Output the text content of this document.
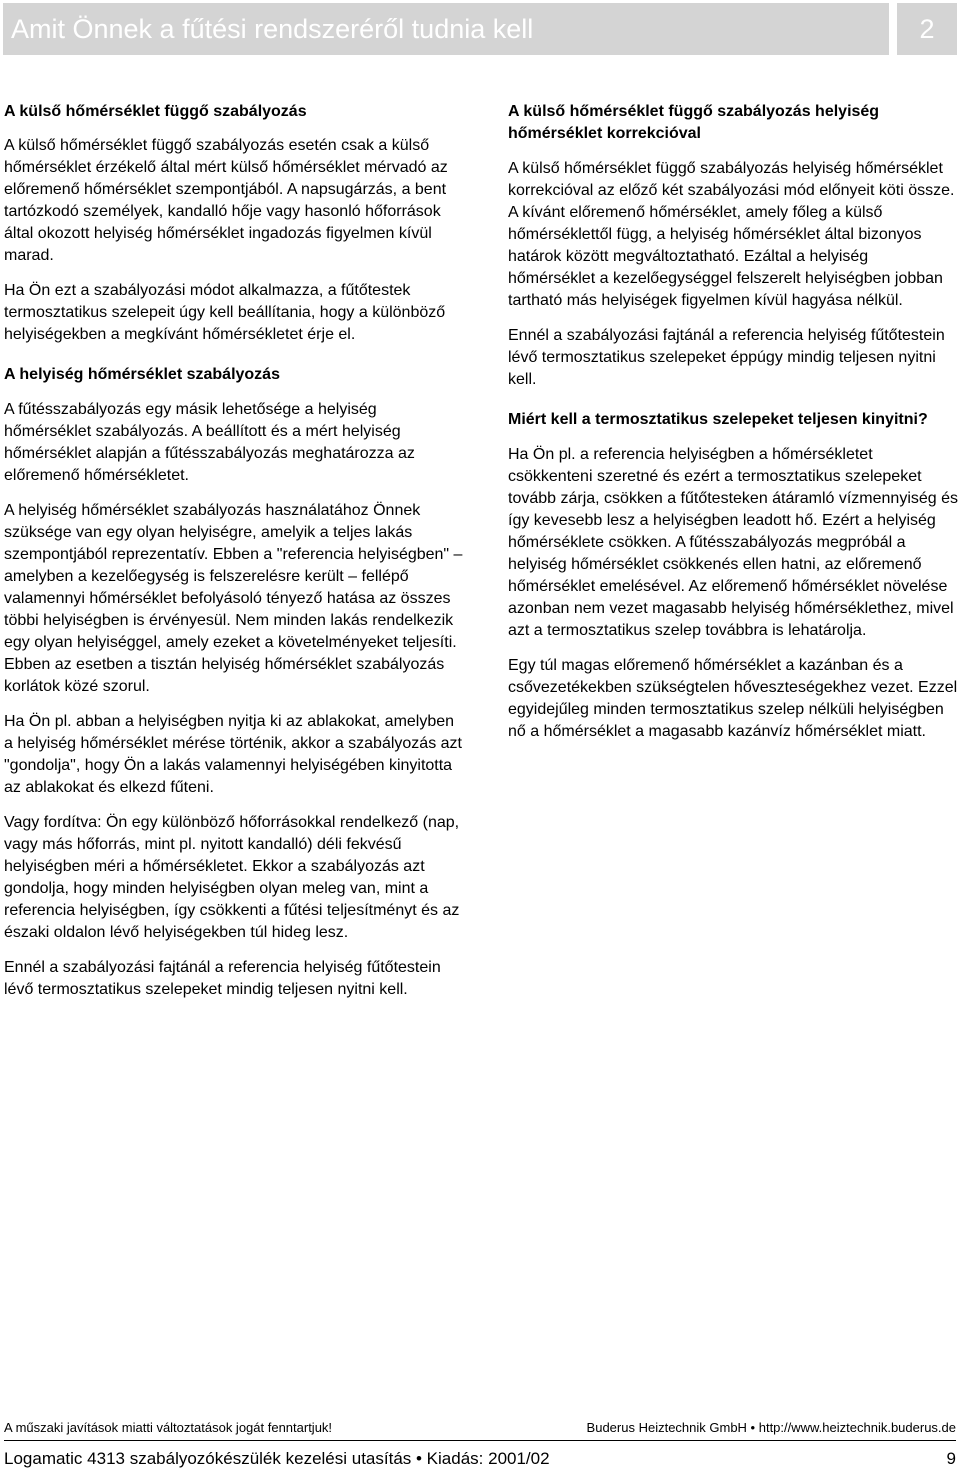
Amit Önnek a fűtési rendszeréről tudnia kell	2
A külső hőmérséklet függő szabályozás

A külső hőmérséklet függő szabályozás esetén csak a külső hőmérséklet érzékelő által mért külső hőmérséklet mérvadó az előremenő hőmérséklet szempontjából. A napsugárzás, a bent tartózkodó személyek, kandalló hője vagy hasonló hőforrások által okozott helyiség hőmérséklet ingadozás figyelmen kívül marad.

Ha Ön ezt a szabályozási módot alkalmazza, a fűtőtestek termosztatikus szelepeit úgy kell beállítania, hogy a különböző helyiségekben a megkívánt hőmérsékletet érje el.

A helyiség hőmérséklet szabályozás

A fűtésszabályozás egy másik lehetősége a helyiség hőmérséklet szabályozás. A beállított és a mért helyiség hőmérséklet alapján a fűtésszabályozás meghatározza az előremenő hőmérsékletet.

A helyiség hőmérséklet szabályozás használatához Önnek szüksége van egy olyan helyiségre, amelyik a teljes lakás szempontjából reprezentatív. Ebben a "referencia helyiségben" – amelyben a kezelőegység is felszerelésre került – fellépő valamennyi hőmérséklet befolyásoló tényező hatása az összes többi helyiségben is érvényesül. Nem minden lakás rendelkezik egy olyan helyiséggel, amely ezeket a követelményeket teljesíti. Ebben az esetben a tisztán helyiség hőmérséklet szabályozás korlátok közé szorul.

Ha Ön pl. abban a helyiségben nyitja ki az ablakokat, amelyben a helyiség hőmérséklet mérése történik, akkor a szabályozás azt "gondolja", hogy Ön a lakás valamennyi helyiségében kinyitotta az ablakokat és elkezd fűteni.

Vagy fordítva: Ön egy különböző hőforrásokkal rendelkező (nap, vagy más hőforrás, mint pl. nyitott kandalló) déli fekvésű helyiségben méri a hőmérsékletet. Ekkor a szabályozás azt gondolja, hogy minden helyiségben olyan meleg van, mint a referencia helyiségben, így csökkenti a fűtési teljesítményt és az északi oldalon lévő helyiségekben túl hideg lesz.

Ennél a szabályozási fajtánál a referencia helyiség fűtőtestein lévő termosztatikus szelepeket mindig teljesen nyitni kell.

A külső hőmérséklet függő szabályozás helyiség hőmérséklet korrekcióval

A külső hőmérséklet függő szabályozás helyiség hőmérséklet korrekcióval az előző két szabályozási mód előnyeit köti össze. A kívánt előremenő hőmérséklet, amely főleg a külső hőmérséklettől függ, a helyiség hőmérséklet által bizonyos határok között megváltoztatható. Ezáltal a helyiség hőmérséklet a kezelőegységgel felszerelt helyiségben jobban tartható más helyiségek figyelmen kívül hagyása nélkül.

Ennél a szabályozási fajtánál a referencia helyiség fűtőtestein lévő termosztatikus szelepeket éppúgy mindig teljesen nyitni kell.

Miért kell a termosztatikus szelepeket teljesen kinyitni?

Ha Ön pl. a referencia helyiségben a hőmérsékletet csökkenteni szeretné és ezért a termosztatikus szelepeket tovább zárja, csökken a fűtőtesteken átáramló vízmennyiség és így kevesebb lesz a helyiségben leadott hő. Ezért a helyiség hőmérséklete csökken. A fűtésszabályozás megpróbál a helyiség hőmérséklet csökkenés ellen hatni, az előremenő hőmérséklet emelésével. Az előremenő hőmérséklet növelése azonban nem vezet magasabb helyiség hőmérséklethez, mivel azt a termosztatikus szelep továbbra is lehatárolja.

Egy túl magas előremenő hőmérséklet a kazánban és a csővezetékekben szükségtelen hőveszteségekhez vezet. Ezzel egyidejűleg minden termosztatikus szelep nélküli helyiségben nő a hőmérséklet a magasabb kazánvíz hőmérséklet miatt.

A műszaki javítások miatti változtatások jogát fenntartjuk!	Buderus Heiztechnik GmbH • http://www.heiztechnik.buderus.de
Logamatic 4313 szabályozókészülék kezelési utasítás • Kiadás: 2001/02	9
